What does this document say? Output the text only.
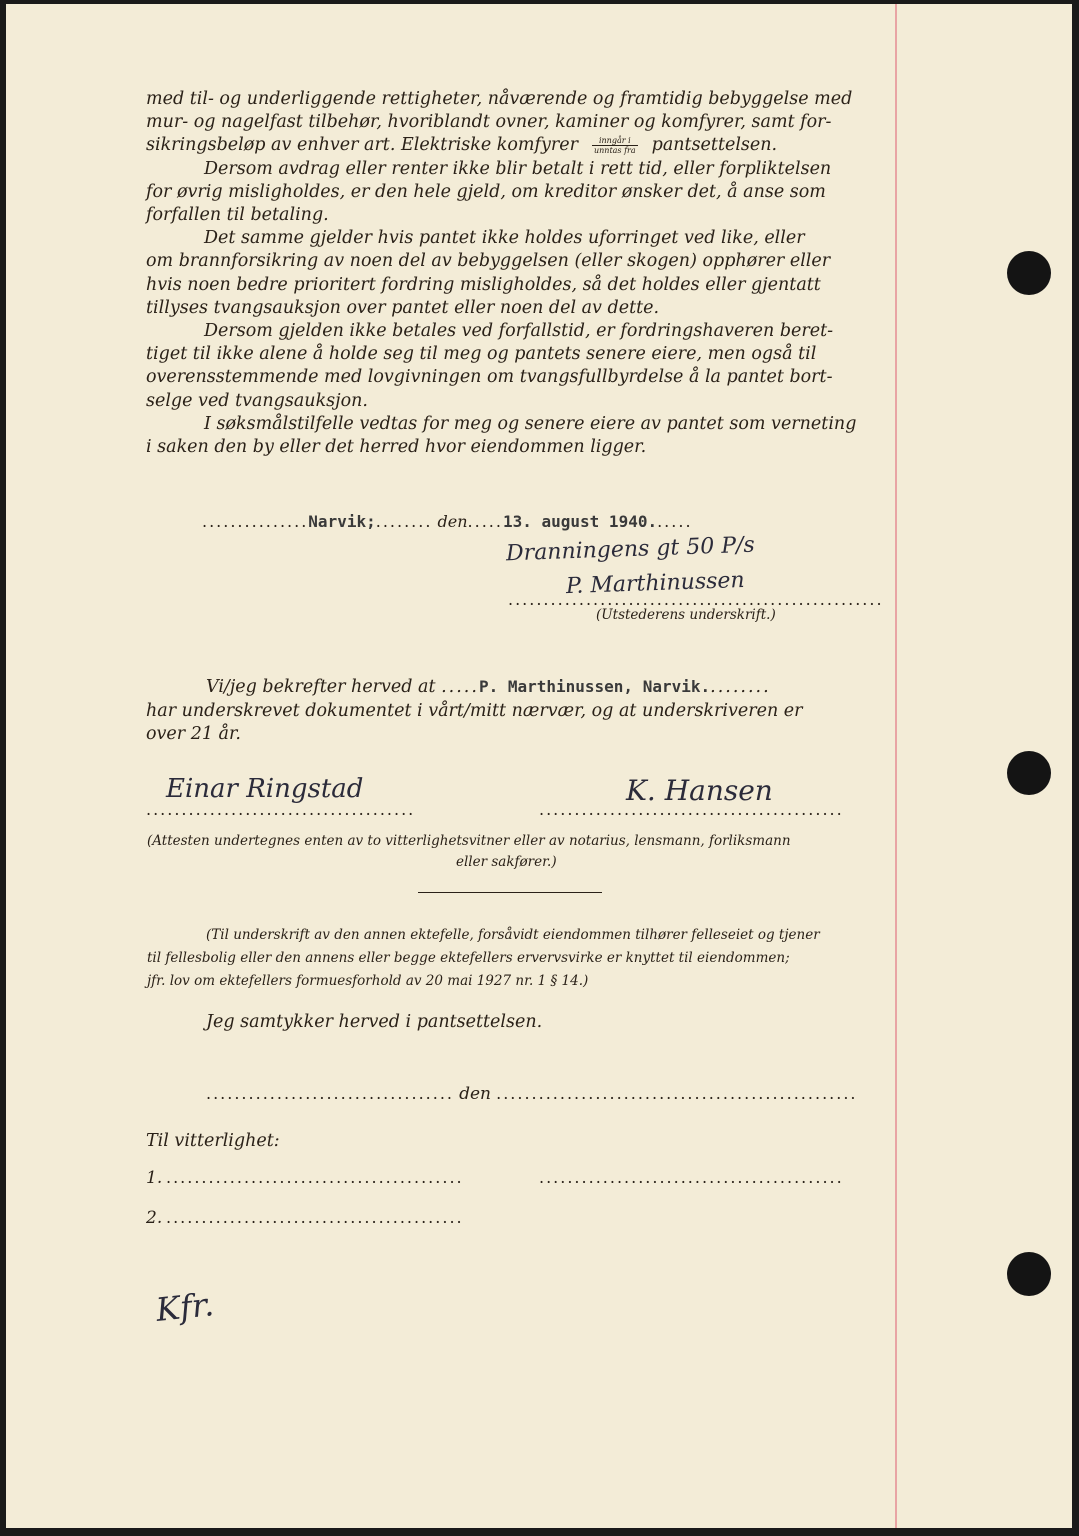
med til- og underliggende rettigheter, nåværende og framtidig bebyggelse med
mur- og nagelfast tilbehør, hvoriblandt ovner, kaminer og komfyrer, samt for-
sikringsbeløp av enhver art. Elektriske komfyrer $\frac{\text{inngår i}}{\text{unntas fra}}$ pantsettelsen.

Dersom avdrag eller renter ikke blir betalt i rett tid, eller forpliktelsen
for øvrig misligholdes, er den hele gjeld, om kreditor ønsker det, å anse som
forfallen til betaling.

Det samme gjelder hvis pantet ikke holdes uforringet ved like, eller
om brannforsikring av noen del av bebyggelsen (eller skogen) opphører eller
hvis noen bedre prioritert fordring misligholdes, så det holdes eller gjentatt
tillyses tvangsauksjon over pantet eller noen del av dette.

Dersom gjelden ikke betales ved forfallstid, er fordringshaveren beret-
tiget til ikke alene å holde seg til meg og pantets senere eiere, men også til
overensstemmende med lovgivningen om tvangsfullbyrdelse å la pantet bort-
selge ved tvangsauksjon.

I søksmålstilfelle vedtas for meg og senere eiere av pantet som verneting
i saken den by eller det herred hvor eiendommen ligger.

...............Narvik;........ den.....13. august 1940......
Dranningens gt 50 P/s
P. Marthinussen
.....................................................
(Utstederens underskrift.)
Vi/jeg bekrefter herved at .....P. Marthinussen, Narvik.........
har underskrevet dokumentet i vårt/mitt nærvær, og at underskriveren er
over 21 år.
Einar Ringstad
......................................
K. Hansen
...........................................
(Attesten undertegnes enten av to vitterlighetsvitner eller av notarius, lensmann, forliksmann
eller sakfører.)
(Til underskrift av den annen ektefelle, forsåvidt eiendommen tilhører felleseiet og tjener
til fellesbolig eller den annens eller begge ektefellers ervervsvirke er knyttet til eiendommen;
jfr. lov om ektefellers formuesforhold av 20 mai 1927 nr. 1 § 14.)
Jeg samtykker herved i pantsettelsen.
................................... den ...................................................
Til vitterlighet:
1. ..........................................	...........................................
2. ..........................................
Kfr.
